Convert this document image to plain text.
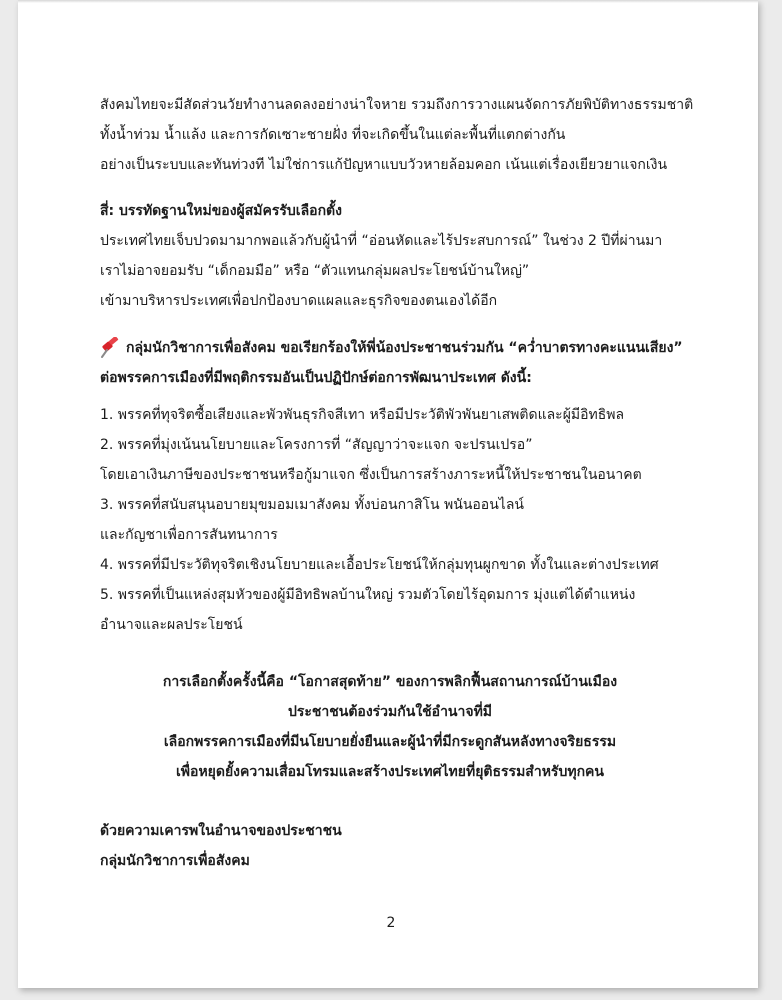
สังคมไทยจะมีสัดส่วนวัยทำงานลดลงอย่างน่าใจหาย รวมถึงการวางแผนจัดการภัยพิบัติทางธรรมชาติ
ทั้งน้ำท่วม น้ำแล้ง และการกัดเซาะชายฝั่ง ที่จะเกิดขึ้นในแต่ละพื้นที่แตกต่างกัน
อย่างเป็นระบบและทันท่วงที ไม่ใช่การแก้ปัญหาแบบวัวหายล้อมคอก เน้นแต่เรื่องเยียวยาแจกเงิน
สี่: บรรทัดฐานใหม่ของผู้สมัครรับเลือกตั้ง
ประเทศไทยเจ็บปวดมามากพอแล้วกับผู้นำที่ “อ่อนหัดและไร้ประสบการณ์” ในช่วง 2 ปีที่ผ่านมา
เราไม่อาจยอมรับ “เด็กอมมือ” หรือ “ตัวแทนกลุ่มผลประโยชน์บ้านใหญ่”
เข้ามาบริหารประเทศเพื่อปกป้องบาดแผลและธุรกิจของตนเองได้อีก
กลุ่มนักวิชาการเพื่อสังคม ขอเรียกร้องให้พี่น้องประชาชนร่วมกัน “คว่ำบาตรทางคะแนนเสียง”
ต่อพรรคการเมืองที่มีพฤติกรรมอันเป็นปฏิปักษ์ต่อการพัฒนาประเทศ ดังนี้:
1. พรรคที่ทุจริตซื้อเสียงและพัวพันธุรกิจสีเทา หรือมีประวัติพัวพันยาเสพติดและผู้มีอิทธิพล
2. พรรคที่มุ่งเน้นนโยบายและโครงการที่ “สัญญาว่าจะแจก จะปรนเปรอ”
โดยเอาเงินภาษีของประชาชนหรือกู้มาแจก ซึ่งเป็นการสร้างภาระหนี้ให้ประชาชนในอนาคต
3. พรรคที่สนับสนุนอบายมุขมอมเมาสังคม ทั้งบ่อนกาสิโน พนันออนไลน์
และกัญชาเพื่อการสันทนาการ
4. พรรคที่มีประวัติทุจริตเชิงนโยบายและเอื้อประโยชน์ให้กลุ่มทุนผูกขาด ทั้งในและต่างประเทศ
5. พรรคที่เป็นแหล่งสุมหัวของผู้มีอิทธิพลบ้านใหญ่ รวมตัวโดยไร้อุดมการ มุ่งแต่ได้ตำแหน่ง
อำนาจและผลประโยชน์
การเลือกตั้งครั้งนี้คือ “โอกาสสุดท้าย” ของการพลิกฟื้นสถานการณ์บ้านเมือง
ประชาชนต้องร่วมกันใช้อำนาจที่มี
เลือกพรรคการเมืองที่มีนโยบายยั่งยืนและผู้นำที่มีกระดูกสันหลังทางจริยธรรม
เพื่อหยุดยั้งความเสื่อมโทรมและสร้างประเทศไทยที่ยุติธรรมสำหรับทุกคน
ด้วยความเคารพในอำนาจของประชาชน
กลุ่มนักวิชาการเพื่อสังคม
2
